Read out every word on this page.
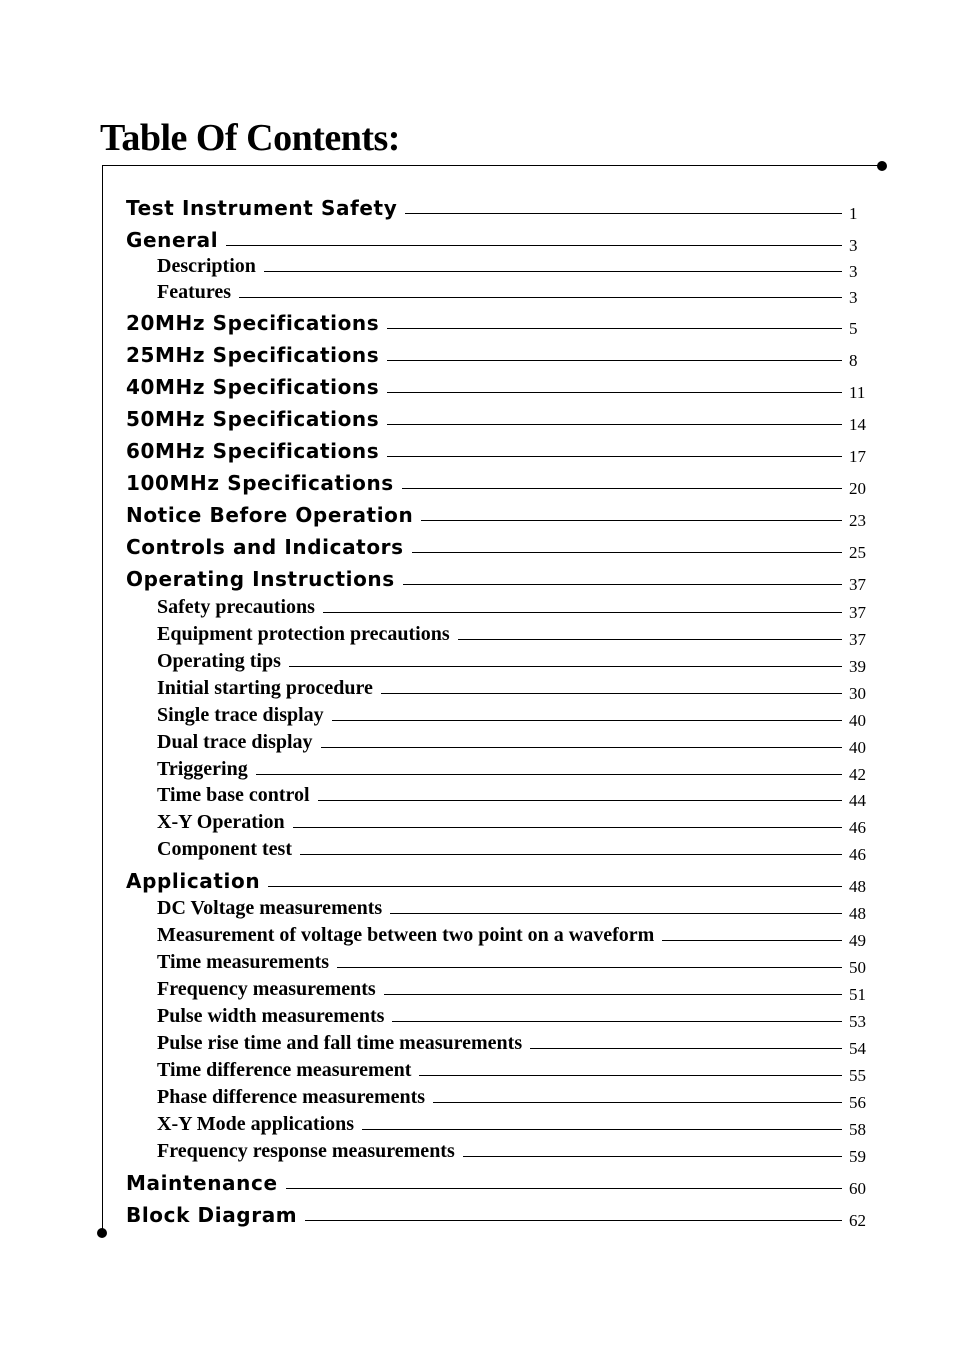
Table Of Contents:
Test Instrument Safety	1
General	3
Description	3
Features	3
20MHz Specifications	5
25MHz Specifications	8
40MHz Specifications	11
50MHz Specifications	14
60MHz Specifications	17
100MHz Specifications	20
Notice Before Operation	23
Controls and Indicators	25
Operating Instructions	37
Safety precautions	37
Equipment protection precautions	37
Operating tips	39
Initial starting procedure	30
Single trace display	40
Dual trace display	40
Triggering	42
Time base control	44
X-Y Operation	46
Component test	46
Application	48
DC Voltage measurements	48
Measurement of voltage between two point on a waveform	49
Time measurements	50
Frequency measurements	51
Pulse width measurements	53
Pulse rise time and fall time measurements	54
Time difference measurement	55
Phase difference measurements	56
X-Y Mode applications	58
Frequency response measurements	59
Maintenance	60
Block Diagram	62
